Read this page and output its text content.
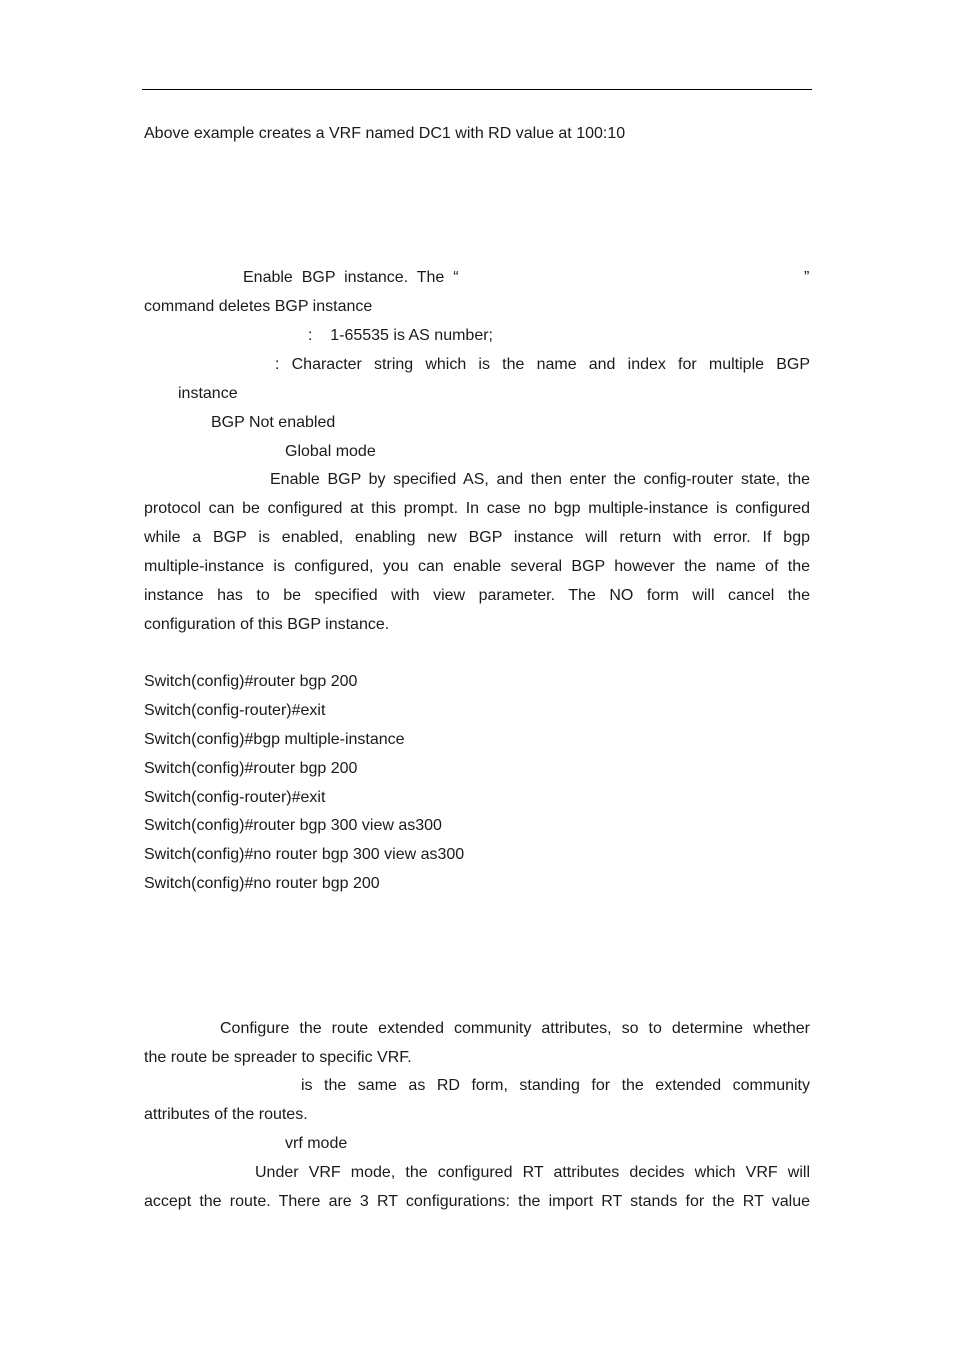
Above example creates a VRF named DC1 with RD value at 100:10
Enable  BGP  instance.  The  “	”
command deletes BGP instance
:    1-65535 is AS number;
: Character string which is the name and index for multiple BGP
instance
BGP Not enabled
Global mode
Enable BGP by specified AS, and then enter the config-router state, the
protocol can be configured at this prompt. In case no bgp multiple-instance is configured
while a BGP is enabled, enabling new BGP instance will return with error. If bgp
multiple-instance is configured, you can enable several BGP however the name of the
instance has to be specified with view parameter. The NO form will cancel the
configuration of this BGP instance.
Switch(config)#router bgp 200
Switch(config-router)#exit
Switch(config)#bgp multiple-instance
Switch(config)#router bgp 200
Switch(config-router)#exit
Switch(config)#router bgp 300 view as300
Switch(config)#no router bgp 300 view as300
Switch(config)#no router bgp 200
Configure the route extended community attributes, so to determine whether
the route be spreader to specific VRF.
is the same as RD form, standing for the extended community
attributes of the routes.
vrf mode
Under VRF mode, the configured RT attributes decides which VRF will
accept the route. There are 3 RT configurations: the import RT stands for the RT value
